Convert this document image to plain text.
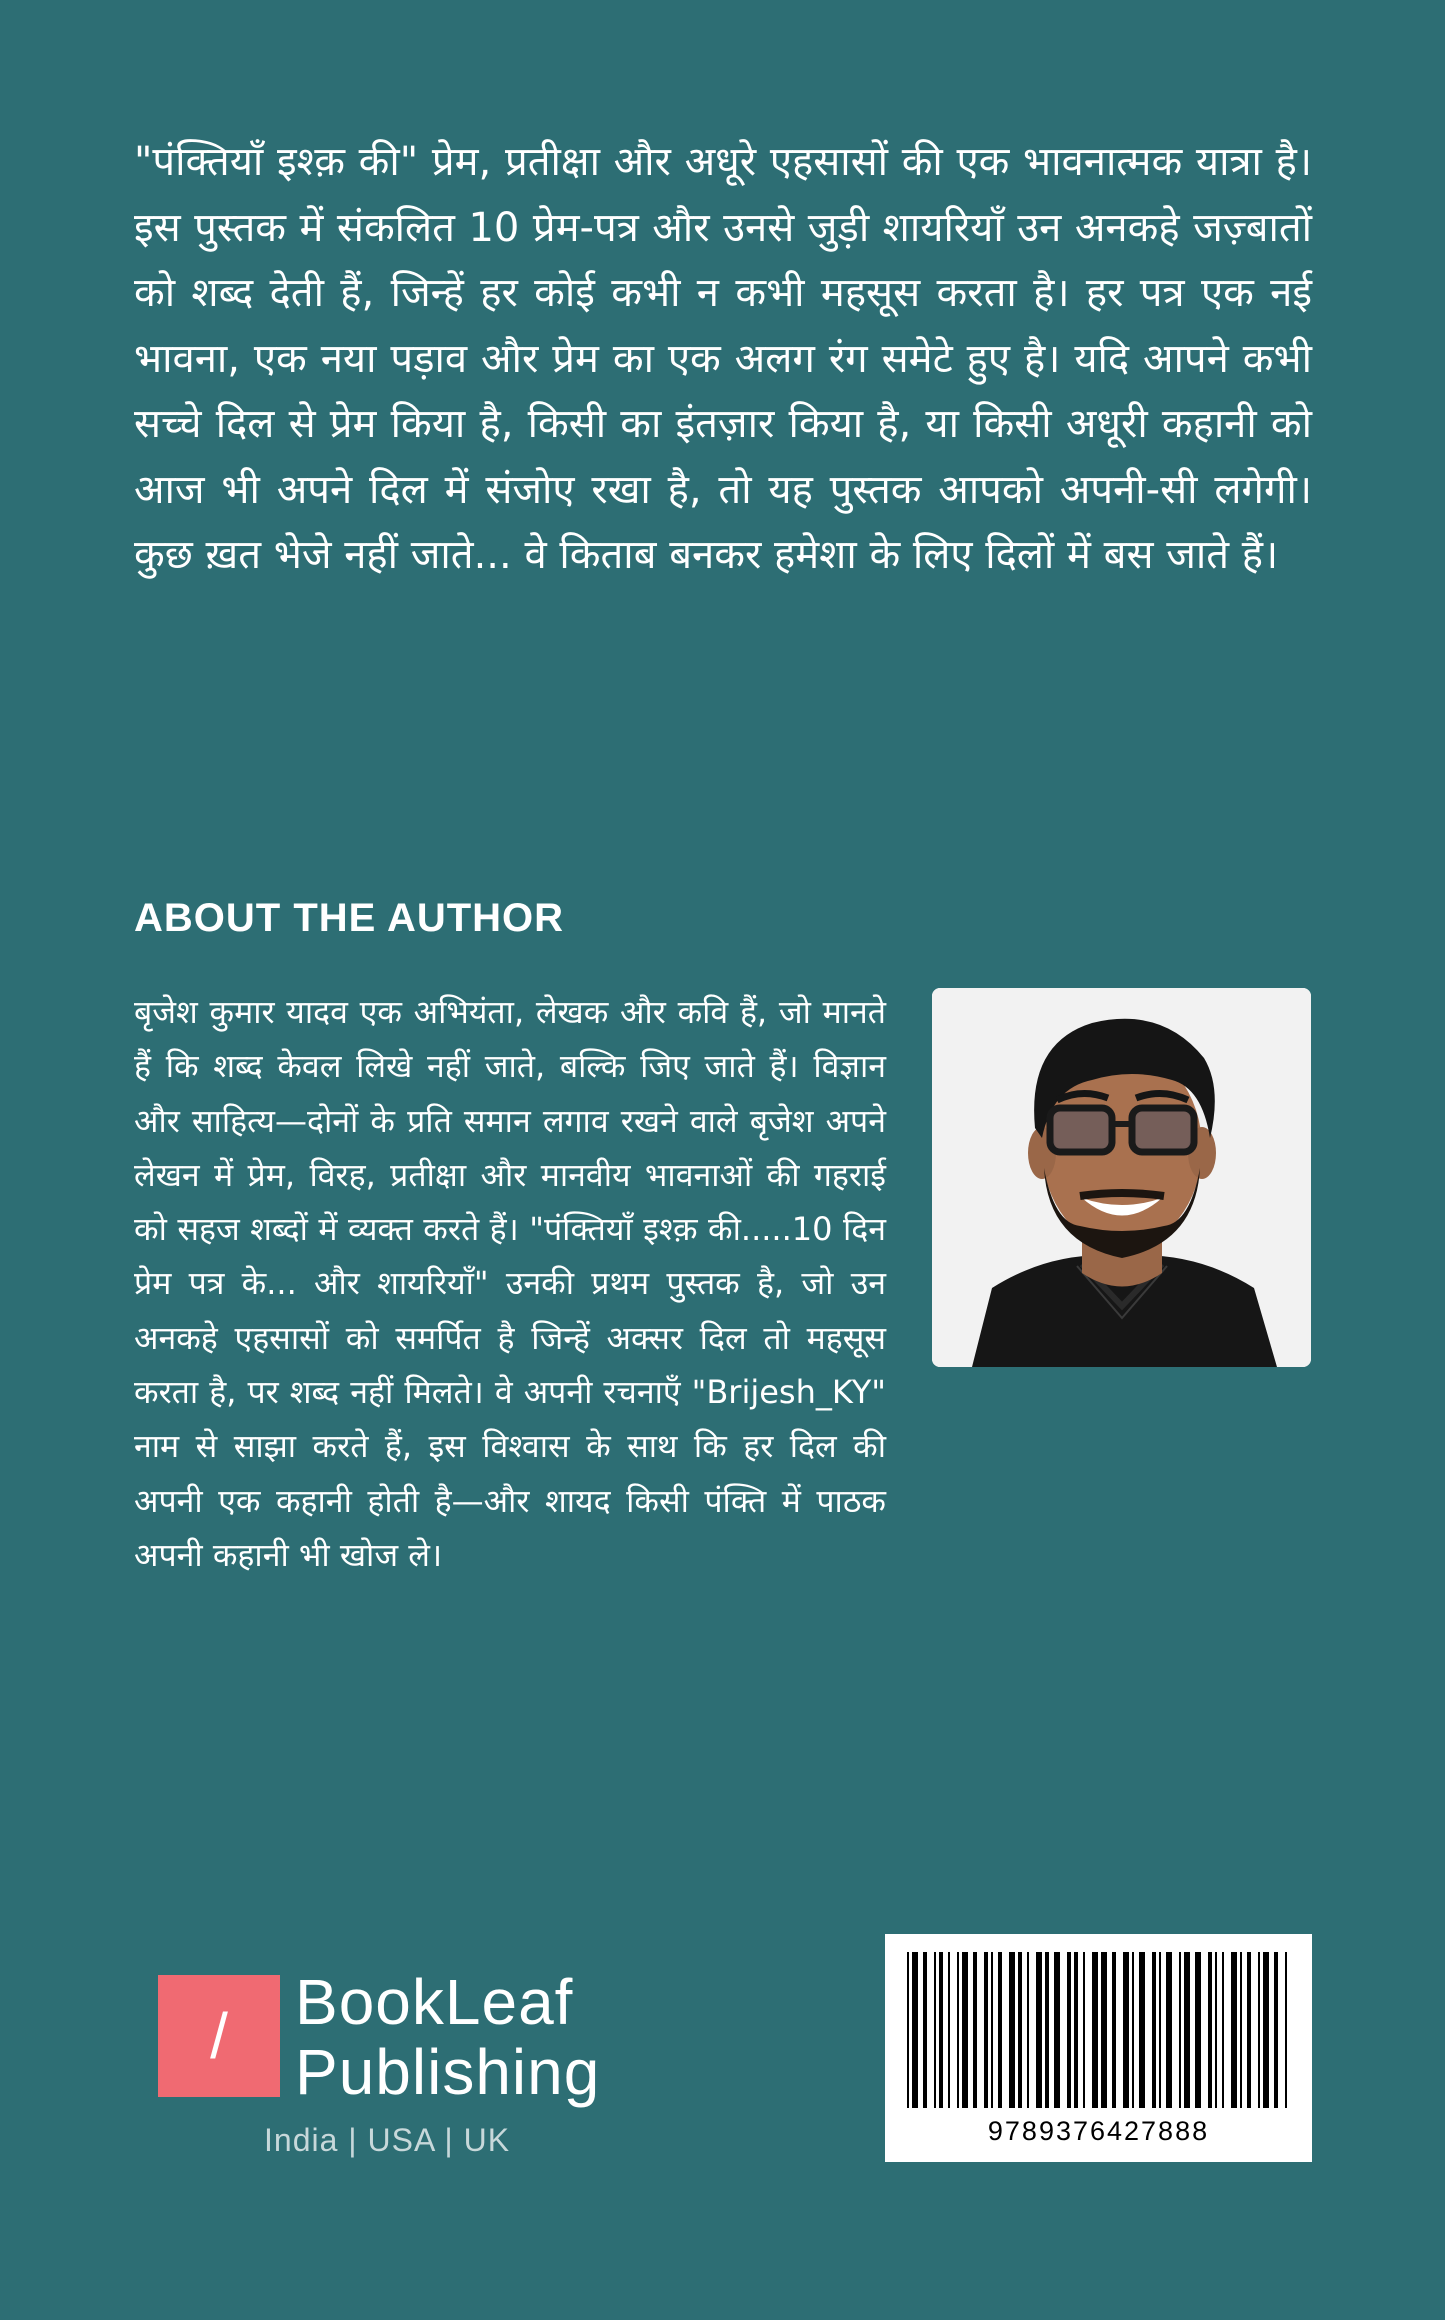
"पंक्तियाँ इश्क़ की" प्रेम, प्रतीक्षा और अधूरे एहसासों की एक भावनात्मक यात्रा है। इस पुस्तक में संकलित 10 प्रेम-पत्र और उनसे जुड़ी शायरियाँ उन अनकहे जज़्बातों को शब्द देती हैं, जिन्हें हर कोई कभी न कभी महसूस करता है। हर पत्र एक नई भावना, एक नया पड़ाव और प्रेम का एक अलग रंग समेटे हुए है। यदि आपने कभी सच्चे दिल से प्रेम किया है, किसी का इंतज़ार किया है, या किसी अधूरी कहानी को आज भी अपने दिल में संजोए रखा है, तो यह पुस्तक आपको अपनी-सी लगेगी। कुछ ख़त भेजे नहीं जाते... वे किताब बनकर हमेशा के लिए दिलों में बस जाते हैं।

ABOUT THE AUTHOR

बृजेश कुमार यादव एक अभियंता, लेखक और कवि हैं, जो मानते हैं कि शब्द केवल लिखे नहीं जाते, बल्कि जिए जाते हैं। विज्ञान और साहित्य—दोनों के प्रति समान लगाव रखने वाले बृजेश अपने लेखन में प्रेम, विरह, प्रतीक्षा और मानवीय भावनाओं की गहराई को सहज शब्दों में व्यक्त करते हैं। "पंक्तियाँ इश्क़ की.....10 दिन प्रेम पत्र के... और शायरियाँ" उनकी प्रथम पुस्तक है, जो उन अनकहे एहसासों को समर्पित है जिन्हें अक्सर दिल तो महसूस करता है, पर शब्द नहीं मिलते। वे अपनी रचनाएँ "Brijesh_KY" नाम से साझा करते हैं, इस विश्वास के साथ कि हर दिल की अपनी एक कहानी होती है—और शायद किसी पंक्ति में पाठक अपनी कहानी भी खोज ले।

/	BookLeaf
Publishing
India | USA | UK	9789376427888
